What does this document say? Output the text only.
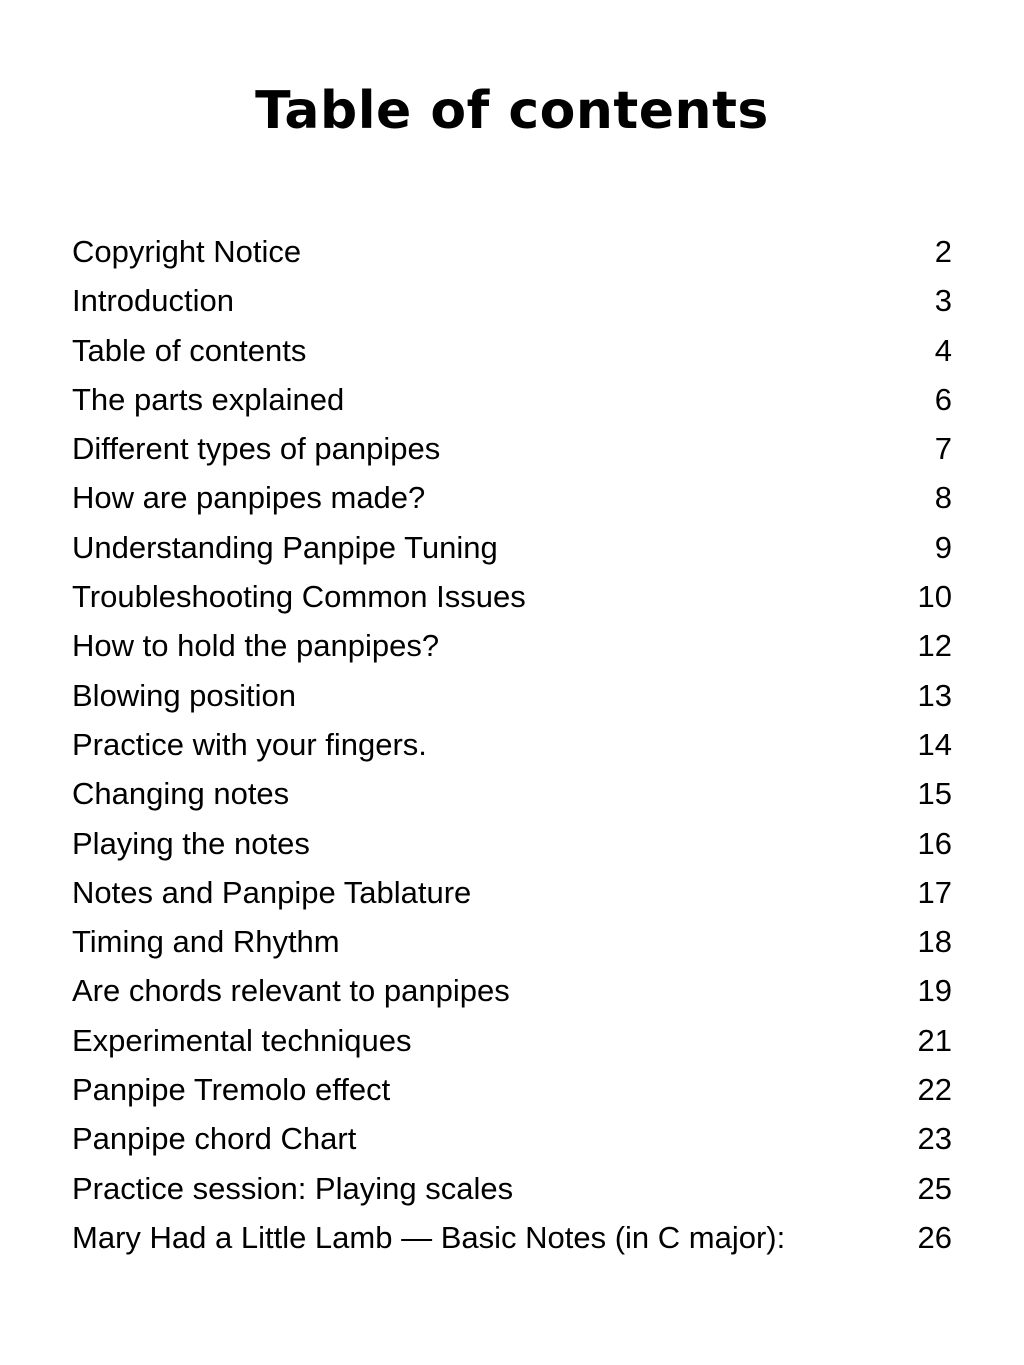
Table of contents
Copyright Notice	2
Introduction	3
Table of contents	4
The parts explained	6
Different types of panpipes	7
How are panpipes made?	8
Understanding Panpipe Tuning	9
Troubleshooting Common Issues	10
How to hold the panpipes?	12
Blowing position	13
Practice with your fingers.	14
Changing notes	15
Playing the notes	16
Notes and Panpipe Tablature	17
Timing and Rhythm	18
Are chords relevant to panpipes	19
Experimental techniques	21
Panpipe Tremolo effect	22
Panpipe chord Chart	23
Practice session: Playing scales	25
Mary Had a Little Lamb — Basic Notes (in C major):	26
